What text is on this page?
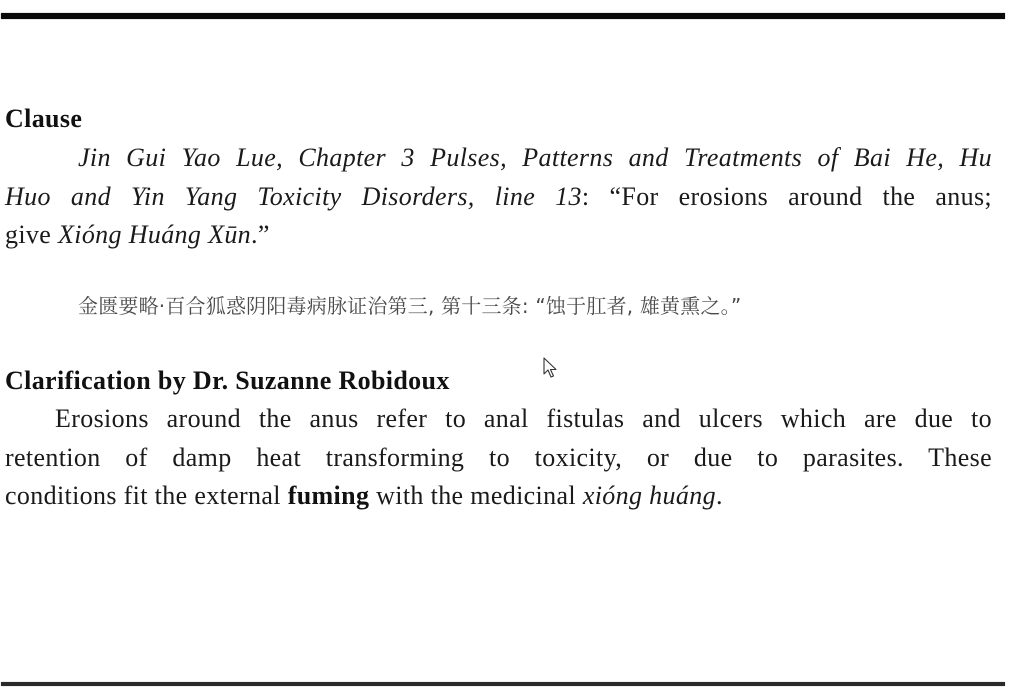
Clause
Jin Gui Yao Lue, Chapter 3 Pulses, Patterns and Treatments of Bai He, Hu
Huo and Yin Yang Toxicity Disorders, line 13: “For erosions around the anus;
give Xióng Huáng Xūn.”
金匮要略·百合狐惑阴阳毒病脉证治第三, 第十三条: “蚀于肛者, 雄黄熏之。”
Clarification by Dr. Suzanne Robidoux
Erosions around the anus refer to anal fistulas and ulcers which are due to
retention of damp heat transforming to toxicity, or due to parasites. These
conditions fit the external fuming with the medicinal xióng huáng.
